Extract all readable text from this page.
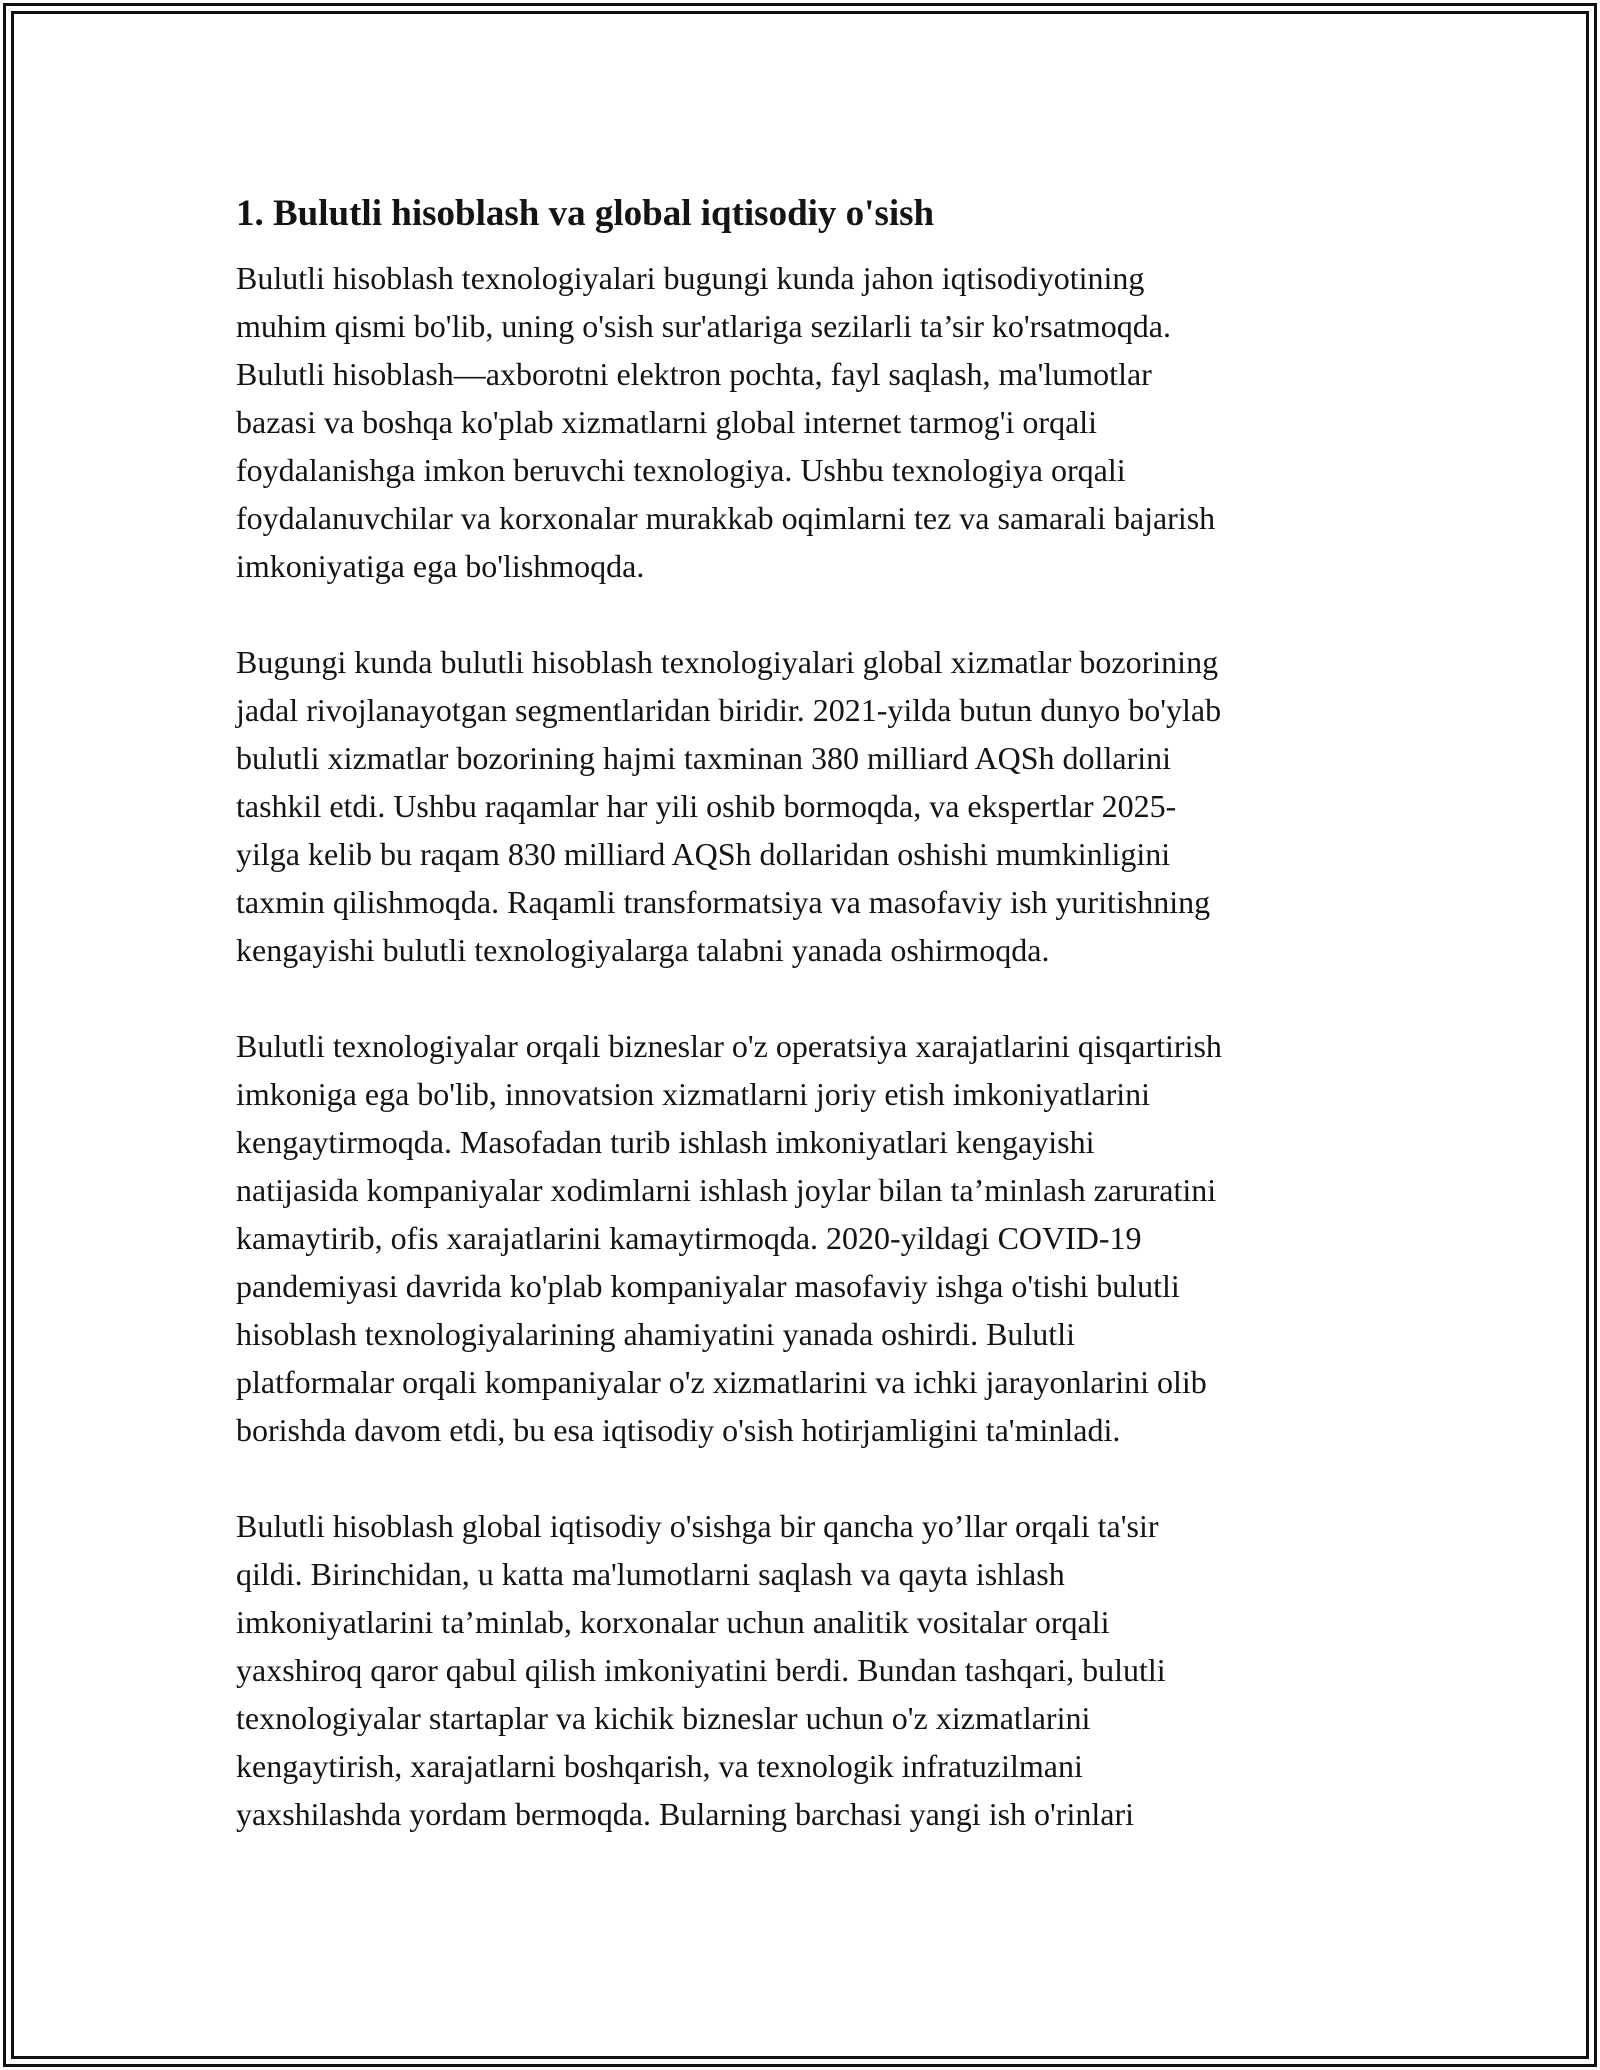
1. Bulutli hisoblash va global iqtisodiy o'sish

Bulutli hisoblash texnologiyalari bugungi kunda jahon iqtisodiyotining
muhim qismi bo'lib, uning o'sish sur'atlariga sezilarli ta’sir ko'rsatmoqda.
Bulutli hisoblash—axborotni elektron pochta, fayl saqlash, ma'lumotlar
bazasi va boshqa ko'plab xizmatlarni global internet tarmog'i orqali
foydalanishga imkon beruvchi texnologiya. Ushbu texnologiya orqali
foydalanuvchilar va korxonalar murakkab oqimlarni tez va samarali bajarish
imkoniyatiga ega bo'lishmoqda.

Bugungi kunda bulutli hisoblash texnologiyalari global xizmatlar bozorining
jadal rivojlanayotgan segmentlaridan biridir. 2021-yilda butun dunyo bo'ylab
bulutli xizmatlar bozorining hajmi taxminan 380 milliard AQSh dollarini
tashkil etdi. Ushbu raqamlar har yili oshib bormoqda, va ekspertlar 2025-
yilga kelib bu raqam 830 milliard AQSh dollaridan oshishi mumkinligini
taxmin qilishmoqda. Raqamli transformatsiya va masofaviy ish yuritishning
kengayishi bulutli texnologiyalarga talabni yanada oshirmoqda.

Bulutli texnologiyalar orqali bizneslar o'z operatsiya xarajatlarini qisqartirish
imkoniga ega bo'lib, innovatsion xizmatlarni joriy etish imkoniyatlarini
kengaytirmoqda. Masofadan turib ishlash imkoniyatlari kengayishi
natijasida kompaniyalar xodimlarni ishlash joylar bilan ta’minlash zaruratini
kamaytirib, ofis xarajatlarini kamaytirmoqda. 2020-yildagi COVID-19
pandemiyasi davrida ko'plab kompaniyalar masofaviy ishga o'tishi bulutli
hisoblash texnologiyalarining ahamiyatini yanada oshirdi. Bulutli
platformalar orqali kompaniyalar o'z xizmatlarini va ichki jarayonlarini olib
borishda davom etdi, bu esa iqtisodiy o'sish hotirjamligini ta'minladi.

Bulutli hisoblash global iqtisodiy o'sishga bir qancha yo’llar orqali ta'sir
qildi. Birinchidan, u katta ma'lumotlarni saqlash va qayta ishlash
imkoniyatlarini ta’minlab, korxonalar uchun analitik vositalar orqali
yaxshiroq qaror qabul qilish imkoniyatini berdi. Bundan tashqari, bulutli
texnologiyalar startaplar va kichik bizneslar uchun o'z xizmatlarini
kengaytirish, xarajatlarni boshqarish, va texnologik infratuzilmani
yaxshilashda yordam bermoqda. Bularning barchasi yangi ish o'rinlari
